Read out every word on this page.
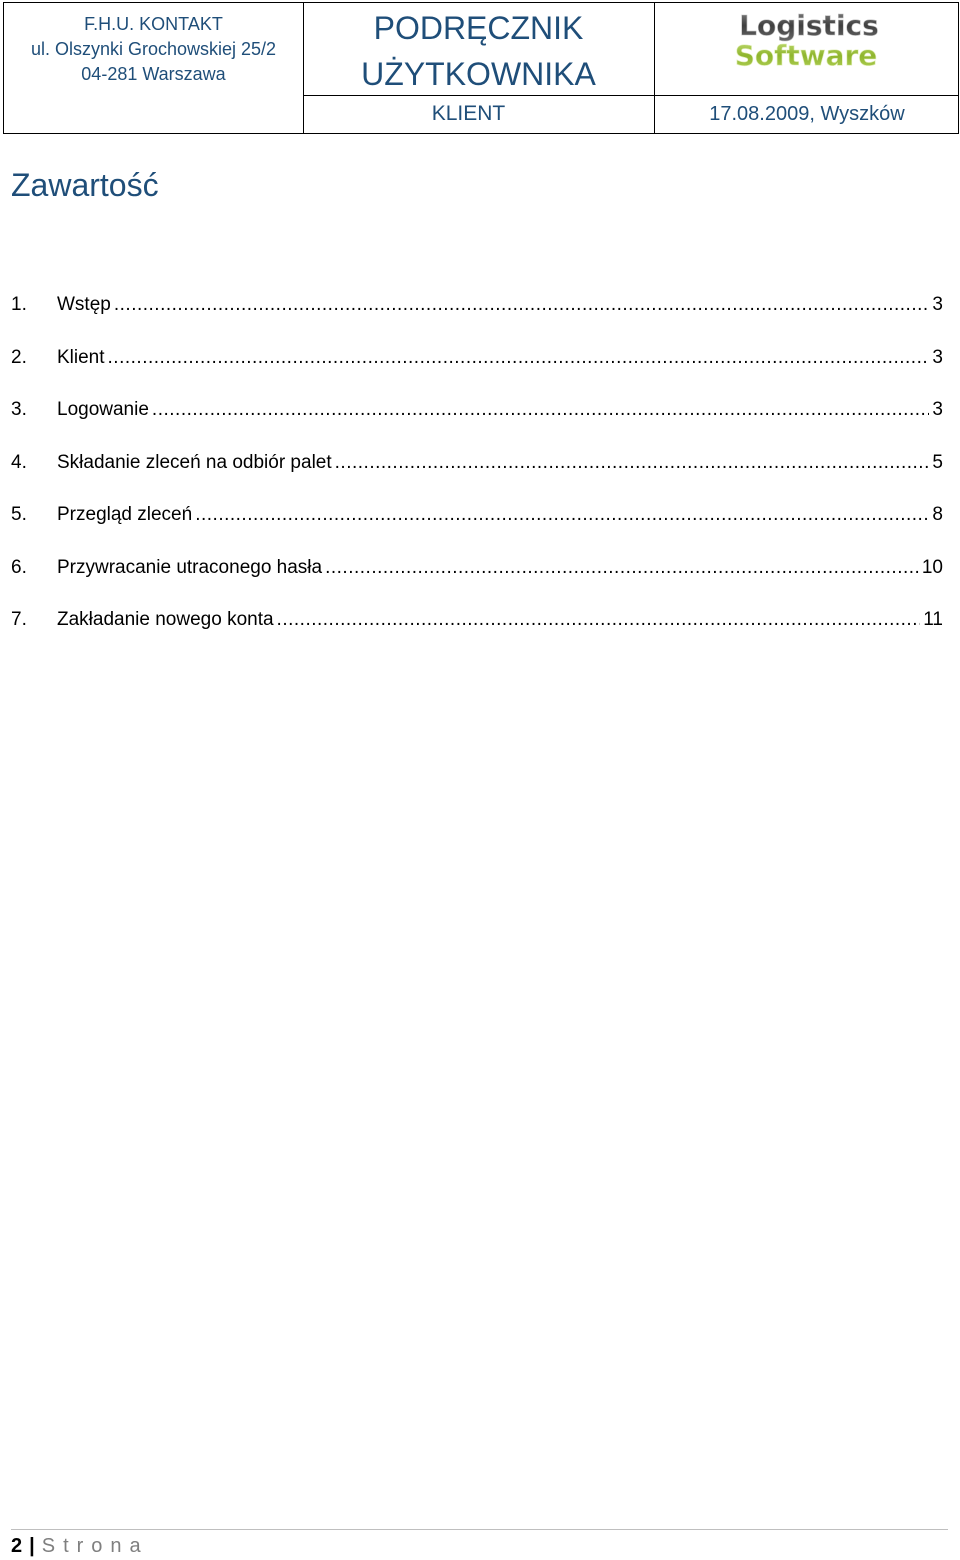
F.H.U. KONTAKT
ul. Olszynki Grochowskiej 25/2
04-281 Warszawa
PODRĘCZNIK
UŻYTKOWNIKA
Logistics
Software
KLIENT	17.08.2009, Wyszków
Zawartość
1.	Wstęp .....	3
2.	Klient .....	3
3.	Logowanie .....	3
4.	Składanie zleceń na odbiór palet .....	5
5.	Przegląd zleceń .....	8
6.	Przywracanie utraconego hasła .....	10
7.	Zakładanie nowego konta .....	11
2 | Strona
